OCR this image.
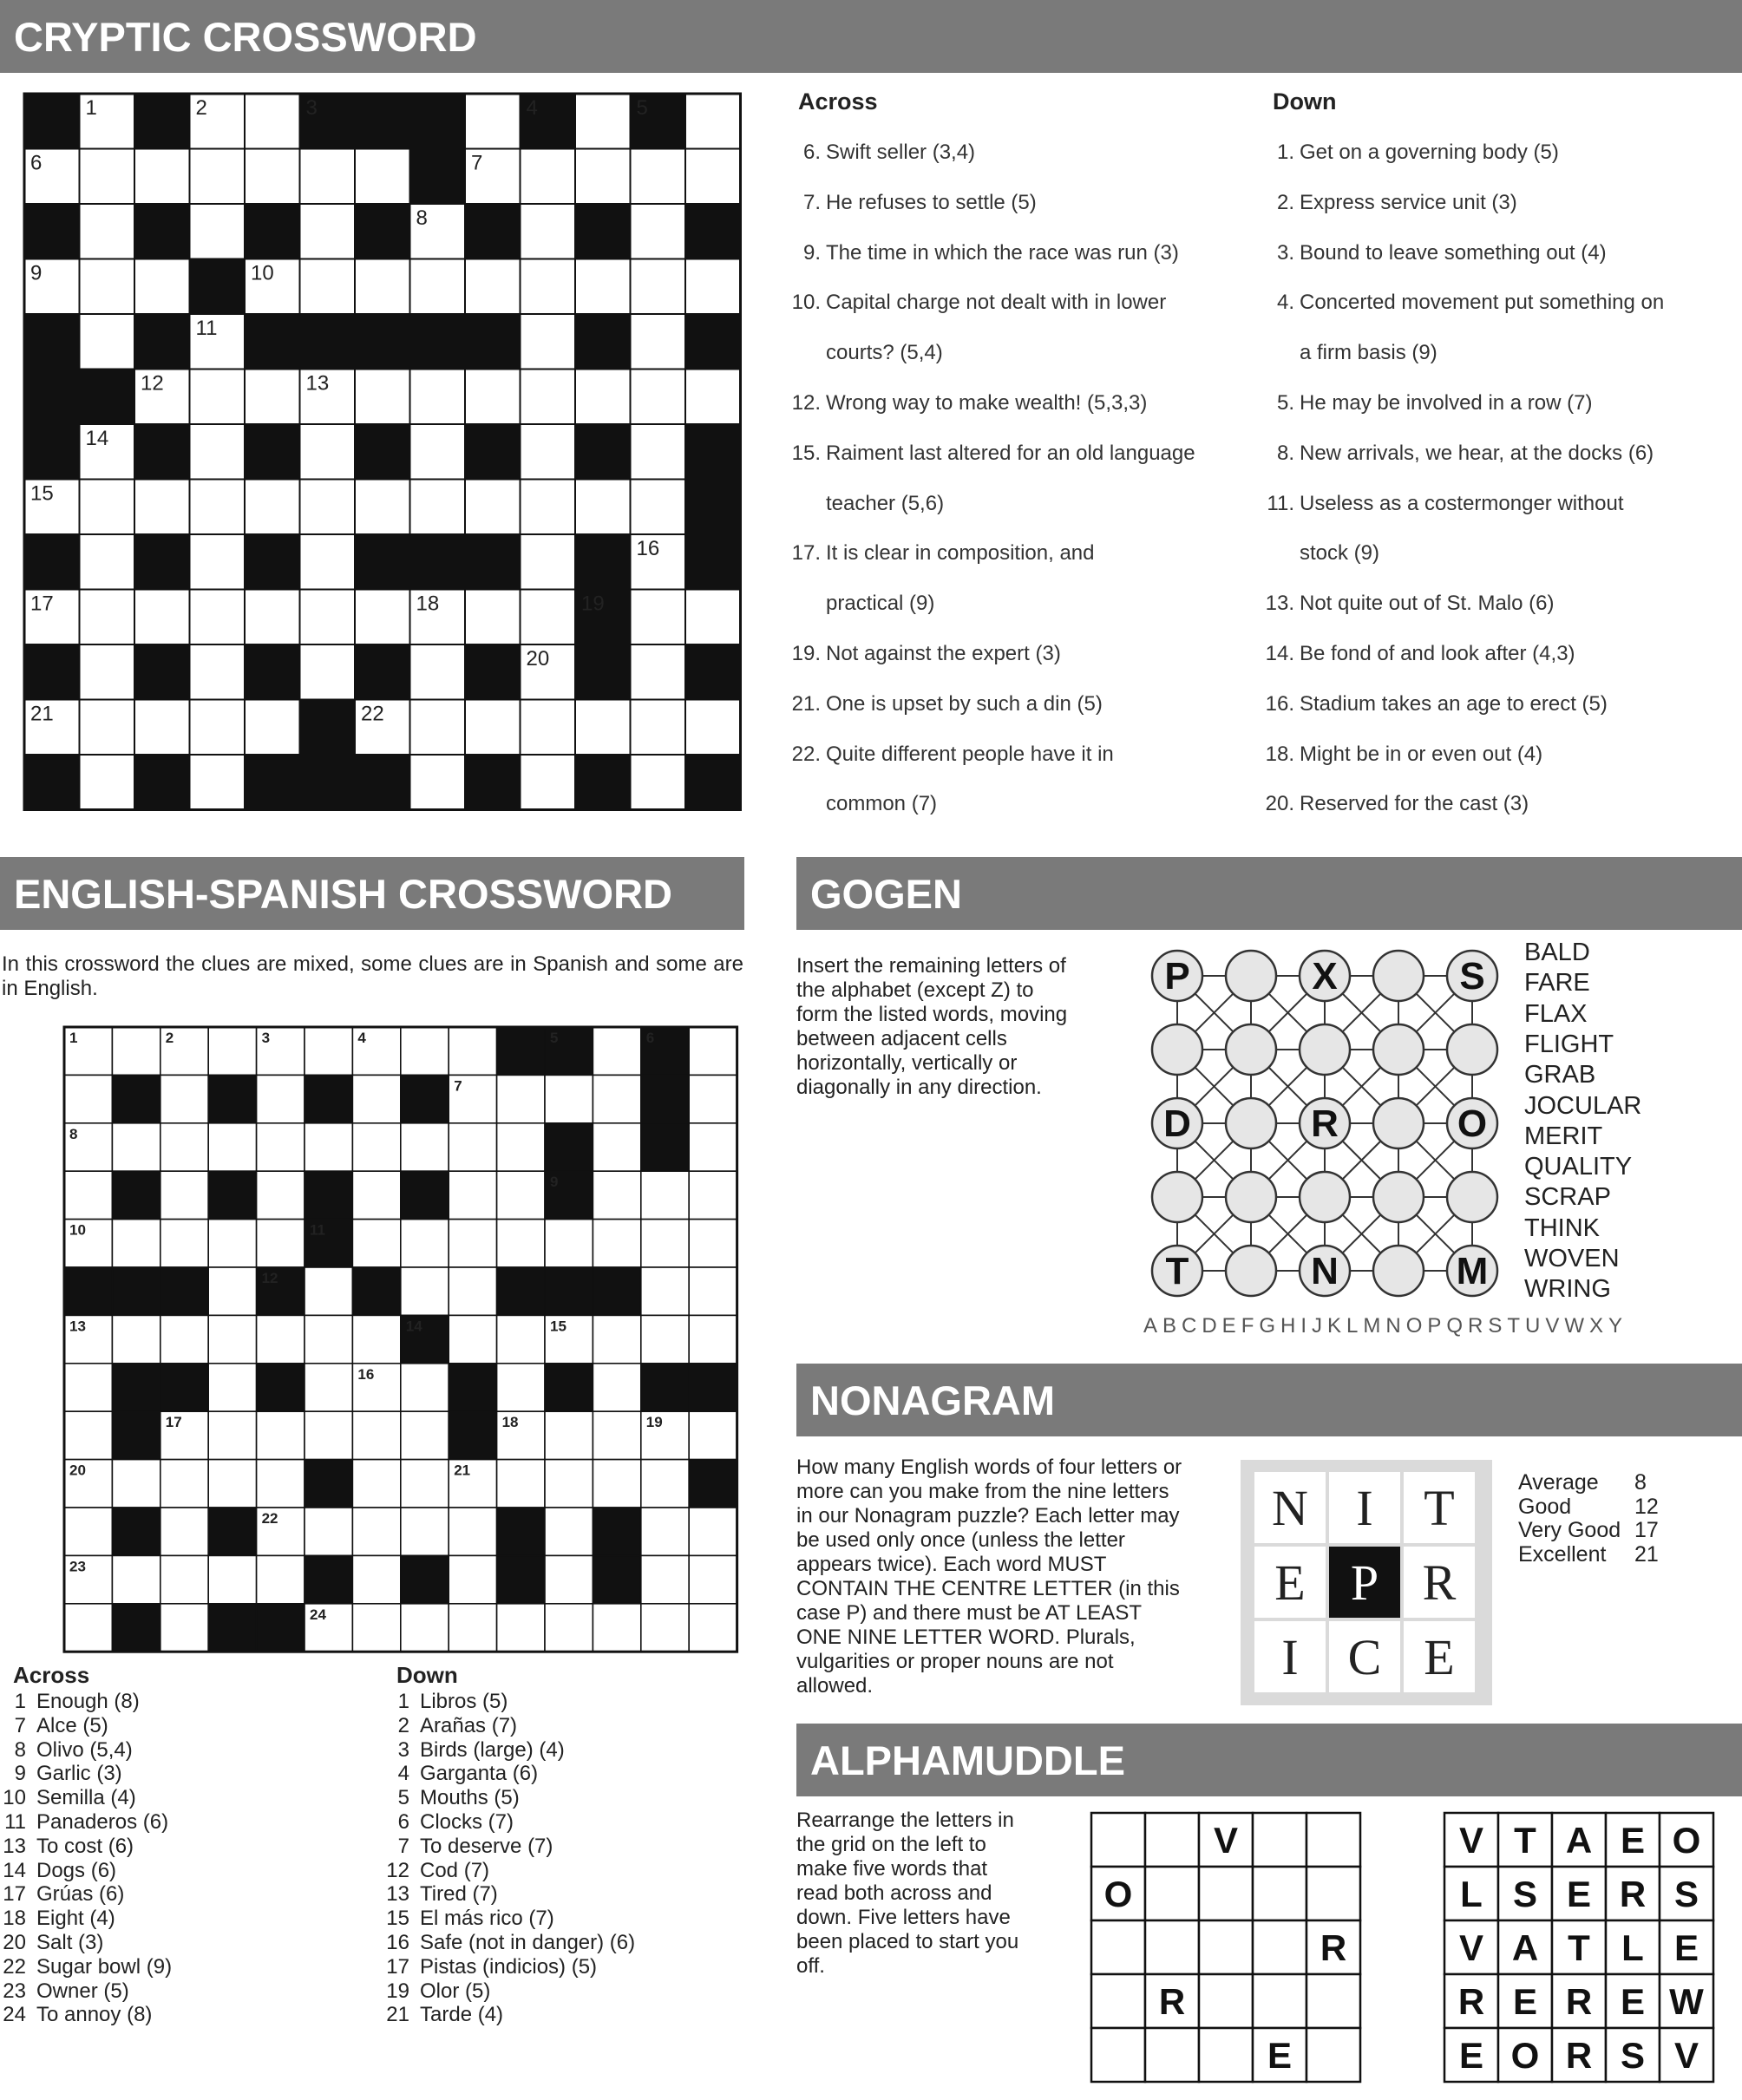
CRYPTIC CROSSWORD
1	2	3	4	5
6	7
8
9	10
11
12	13
14
15
16
17	18	19
20
21	22
Across	Down
6. Swift seller (3,4)
7. He refuses to settle (5)
9. The time in which the race was run (3)
10. Capital charge not dealt with in lower
courts? (5,4)
12. Wrong way to make wealth! (5,3,3)
15. Raiment last altered for an old language
teacher (5,6)
17. It is clear in composition, and
practical (9)
19. Not against the expert (3)
21. One is upset by such a din (5)
22. Quite different people have it in
common (7)
1. Get on a governing body (5)
2. Express service unit (3)
3. Bound to leave something out (4)
4. Concerted movement put something on
a firm basis (9)
5. He may be involved in a row (7)
8. New arrivals, we hear, at the docks (6)
11. Useless as a costermonger without
stock (9)
13. Not quite out of St. Malo (6)
14. Be fond of and look after (4,3)
16. Stadium takes an age to erect (5)
18. Might be in or even out (4)
20. Reserved for the cast (3)
ENGLISH-SPANISH CROSSWORD
In this crossword the clues are mixed, some clues are in Spanish and some are in English.
1	2	3	4	5	6
7
8
9
10	11
12
13	14	15
16
17	18	19
20	21
22
23
24
Across	Down
1 Enough (8)
7 Alce (5)
8 Olivo (5,4)
9 Garlic (3)
10 Semilla (4)
11 Panaderos (6)
13 To cost (6)
14 Dogs (6)
17 Grúas (6)
18 Eight (4)
20 Salt (3)
22 Sugar bowl (9)
23 Owner (5)
24 To annoy (8)
1 Libros (5)
2 Arañas (7)
3 Birds (large) (4)
4 Garganta (6)
5 Mouths (5)
6 Clocks (7)
7 To deserve (7)
12 Cod (7)
13 Tired (7)
15 El más rico (7)
16 Safe (not in danger) (6)
17 Pistas (indicios) (5)
19 Olor (5)
21 Tarde (4)
GOGEN
Insert the remaining letters of the alphabet (except Z) to form the listed words, moving between adjacent cells horizontally, vertically or diagonally in any direction.
P	X	S
D	R	O
T	N	M
BALD
FARE
FLAX
FLIGHT
GRAB
JOCULAR
MERIT
QUALITY
SCRAP
THINK
WOVEN
WRING
ABCDEFGHIJKLMNOPQRSTUVWXY
NONAGRAM
How many English words of four letters or more can you make from the nine letters in our Nonagram puzzle? Each letter may be used only once (unless the letter appears twice). Each word MUST CONTAIN THE CENTRE LETTER (in this case P) and there must be AT LEAST ONE NINE LETTER WORD. Plurals, vulgarities or proper nouns are not allowed.
N I T
E P R
I C E
Average 8
Good	12
Very Good 17
Excellent 21
ALPHAMUDDLE
Rearrange the letters in the grid on the left to make five words that read both across and down. Five letters have been placed to start you off.
V
O
R
R
E
V T A E O
L S E R S
V A T L E
R E R E W
E O R S V
